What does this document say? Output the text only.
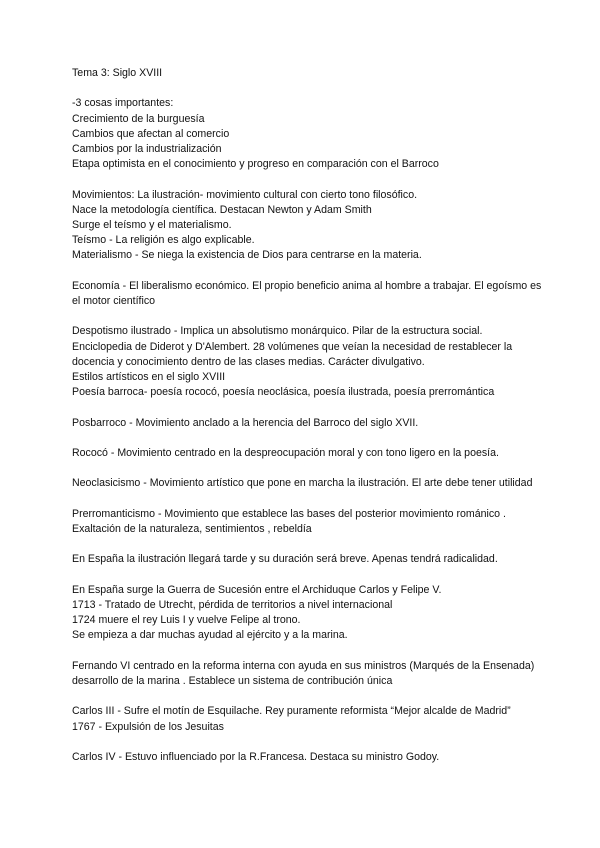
Tema 3: Siglo XVIII
-3 cosas importantes:
Crecimiento de la burguesía
Cambios que afectan al comercio
Cambios por la industrialización
Etapa optimista en el conocimiento y progreso en comparación con el Barroco
Movimientos: La ilustración- movimiento cultural con cierto tono filosófico.
Nace la metodología científica. Destacan Newton y Adam Smith
Surge el teísmo y el materialismo.
Teísmo - La religión es algo explicable.
Materialismo - Se niega la existencia de Dios para centrarse en la materia.
Economía - El liberalismo económico. El propio beneficio anima al hombre a trabajar. El egoísmo es el motor científico
Despotismo ilustrado - Implica un absolutismo monárquico. Pilar de la estructura social.
Enciclopedia de Diderot y D'Alembert. 28 volúmenes que veían la necesidad de restablecer la docencia y conocimiento dentro de las clases medias. Carácter divulgativo.
Estilos artísticos en el siglo XVIII
Poesía barroca- poesía rococó, poesía neoclásica, poesía ilustrada, poesía prerromántica
Posbarroco - Movimiento anclado a la herencia del Barroco del siglo XVII.
Rococó - Movimiento centrado en la despreocupación moral y con tono ligero en la poesía.
Neoclasicismo - Movimiento artístico que pone en marcha la ilustración. El arte debe tener utilidad
Prerromanticismo - Movimiento que establece las bases del posterior movimiento románico .
Exaltación de la naturaleza, sentimientos , rebeldía
En España la ilustración llegará tarde y su duración será breve. Apenas tendrá radicalidad.
En España surge la Guerra de Sucesión entre el Archiduque Carlos y Felipe V.
1713 - Tratado de Utrecht, pérdida de territorios a nivel internacional
1724 muere el rey Luis I y vuelve Felipe al trono.
Se empieza a dar muchas ayudad al ejército y a la marina.
Fernando VI centrado en la reforma interna con ayuda en sus ministros (Marqués de la Ensenada) desarrollo de la marina . Establece un sistema de contribución única
Carlos III - Sufre el motín de Esquilache. Rey puramente reformista “Mejor alcalde de Madrid”
1767 - Expulsión de los Jesuitas
Carlos IV - Estuvo influenciado por la R.Francesa. Destaca su ministro Godoy.
